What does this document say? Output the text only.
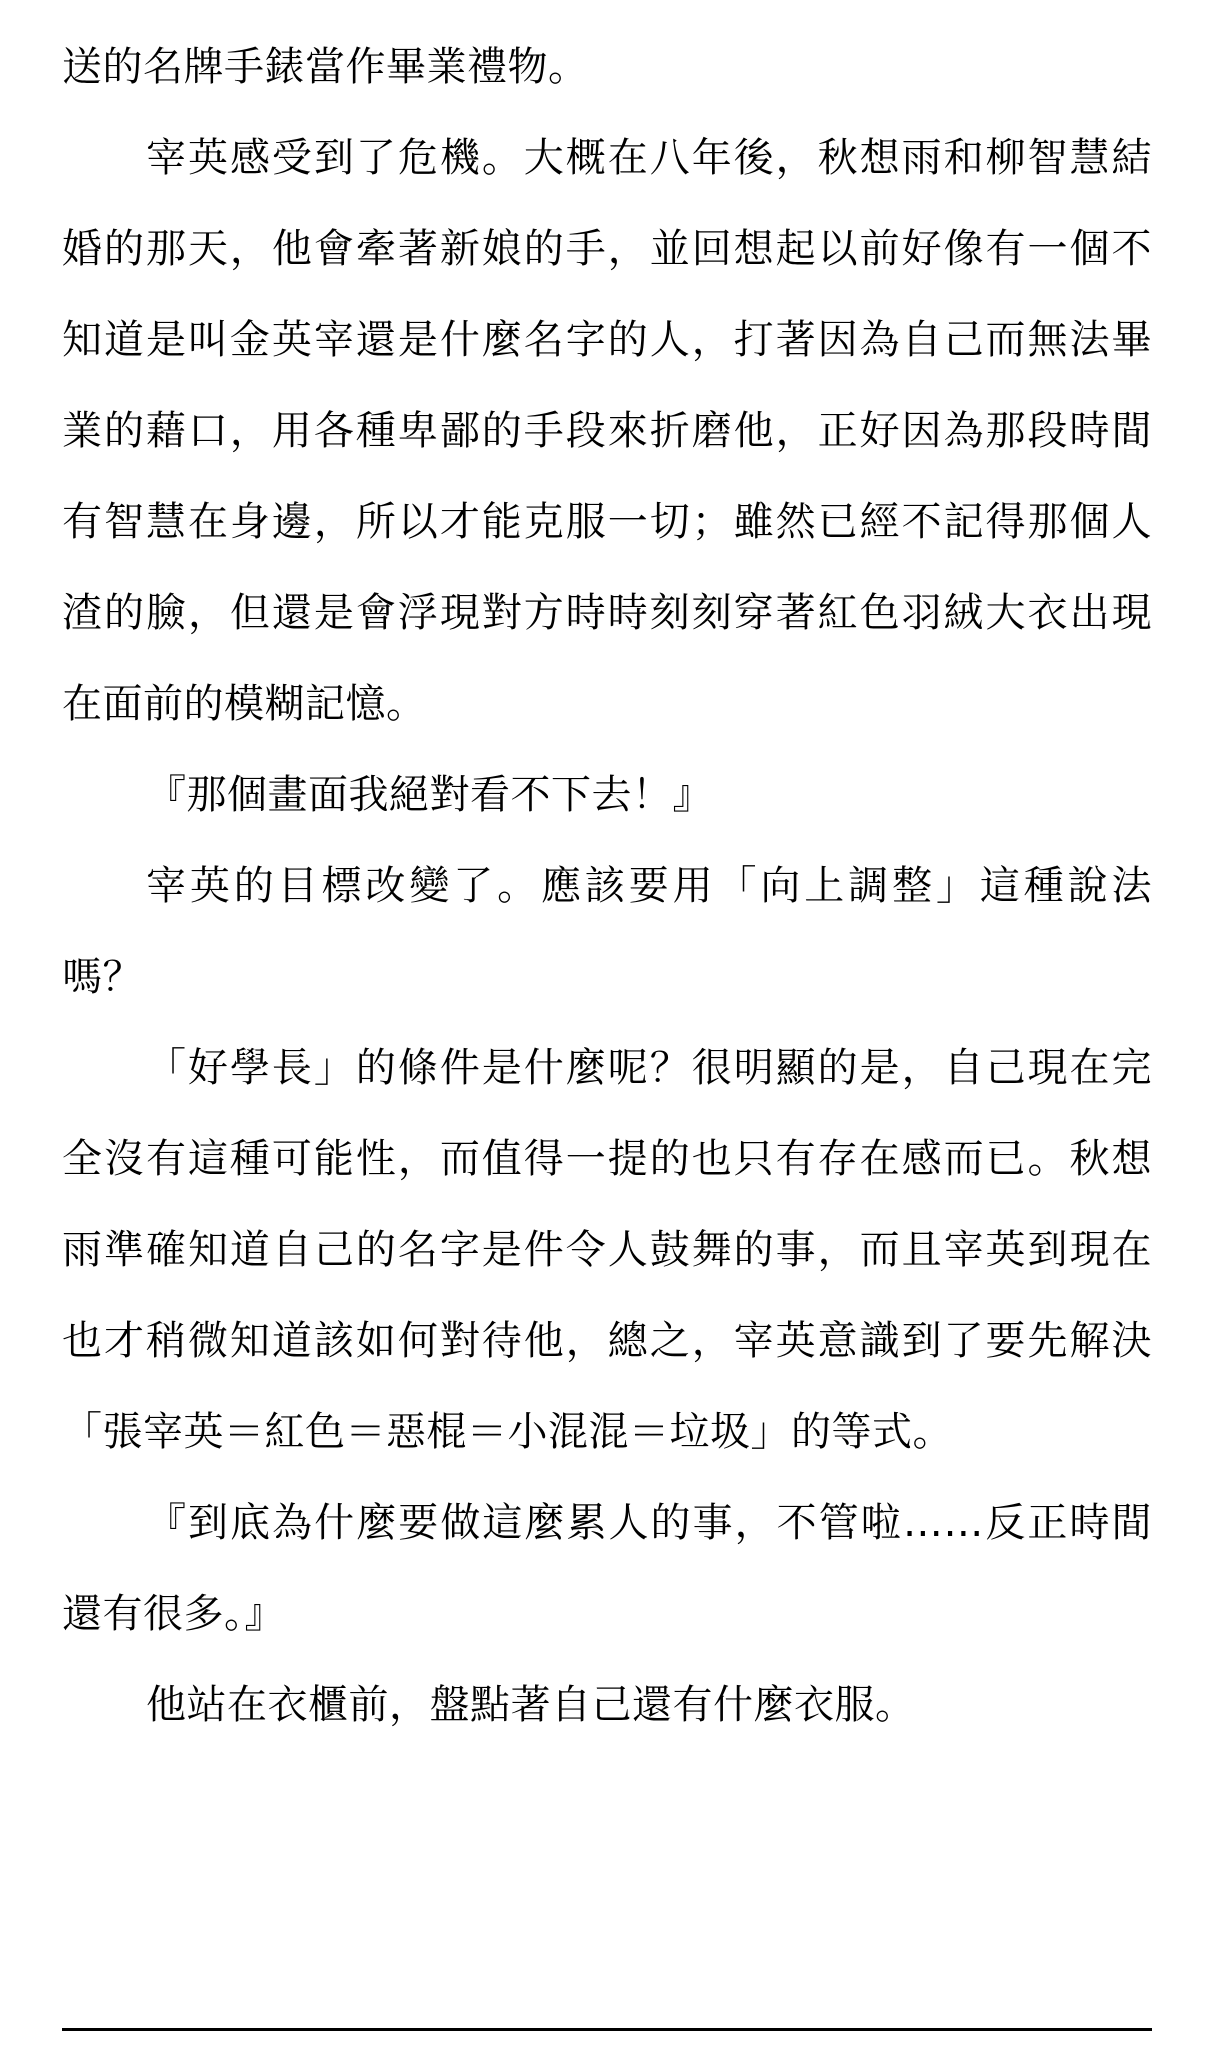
送的名牌手錶當作畢業禮物。

宰英感受到了危機。大概在八年後，秋想雨和柳智慧結婚的那天，他會牽著新娘的手，並回想起以前好像有一個不知道是叫金英宰還是什麼名字的人，打著因為自己而無法畢業的藉口，用各種卑鄙的手段來折磨他，正好因為那段時間有智慧在身邊，所以才能克服一切；雖然已經不記得那個人渣的臉，但還是會浮現對方時時刻刻穿著紅色羽絨大衣出現在面前的模糊記憶。

『那個畫面我絕對看不下去！』

宰英的目標改變了。應該要用「向上調整」這種說法嗎？

「好學長」的條件是什麼呢？很明顯的是，自己現在完全沒有這種可能性，而值得一提的也只有存在感而已。秋想雨準確知道自己的名字是件令人鼓舞的事，而且宰英到現在也才稍微知道該如何對待他，總之，宰英意識到了要先解決「張宰英＝紅色＝惡棍＝小混混＝垃圾」的等式。

『到底為什麼要做這麼累人的事，不管啦……反正時間還有很多。』

他站在衣櫃前，盤點著自己還有什麼衣服。
